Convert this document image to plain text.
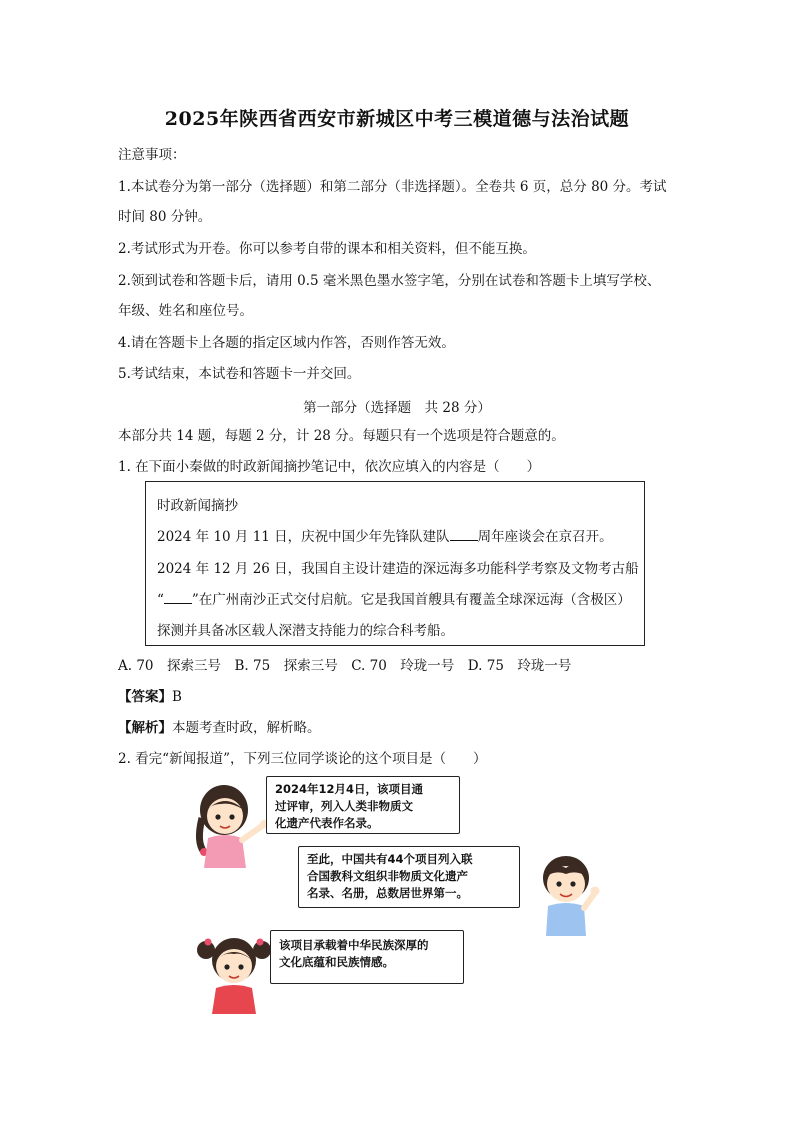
2025年陕西省西安市新城区中考三模道德与法治试题
注意事项：
1.本试卷分为第一部分（选择题）和第二部分（非选择题）。全卷共 6 页，总分 80 分。考试
时间 80 分钟。
2.考试形式为开卷。你可以参考自带的课本和相关资料，但不能互换。
2.领到试卷和答题卡后，请用 0.5 毫米黑色墨水签字笔，分别在试卷和答题卡上填写学校、
年级、姓名和座位号。
4.请在答题卡上各题的指定区域内作答，否则作答无效。
5.考试结束，本试卷和答题卡一并交回。
第一部分（选择题　共 28 分）
本部分共 14 题，每题 2 分，计 28 分。每题只有一个选项是符合题意的。
1. 在下面小秦做的时政新闻摘抄笔记中，依次应填入的内容是（　　）
时政新闻摘抄
2024 年 10 月 11 日，庆祝中国少年先锋队建队 周年座谈会在京召开。
2024 年 12 月 26 日，我国自主设计建造的深远海多功能科学考察及文物考古船
“ ”在广州南沙正式交付启航。它是我国首艘具有覆盖全球深远海（含极区）
探测并具备冰区载人深潜支持能力的综合科考船。
A. 70　探索三号　B. 75　探索三号　C. 70　玲珑一号　D. 75　玲珑一号
【答案】B
【解析】本题考查时政，解析略。
2. 看完“新闻报道”，下列三位同学谈论的这个项目是（　　）
2024年12月4日，该项目通
过评审，列入人类非物质文
化遗产代表作名录。
至此，中国共有44个项目列入联
合国教科文组织非物质文化遗产
名录、名册，总数居世界第一。
该项目承载着中华民族深厚的
文化底蕴和民族情感。
